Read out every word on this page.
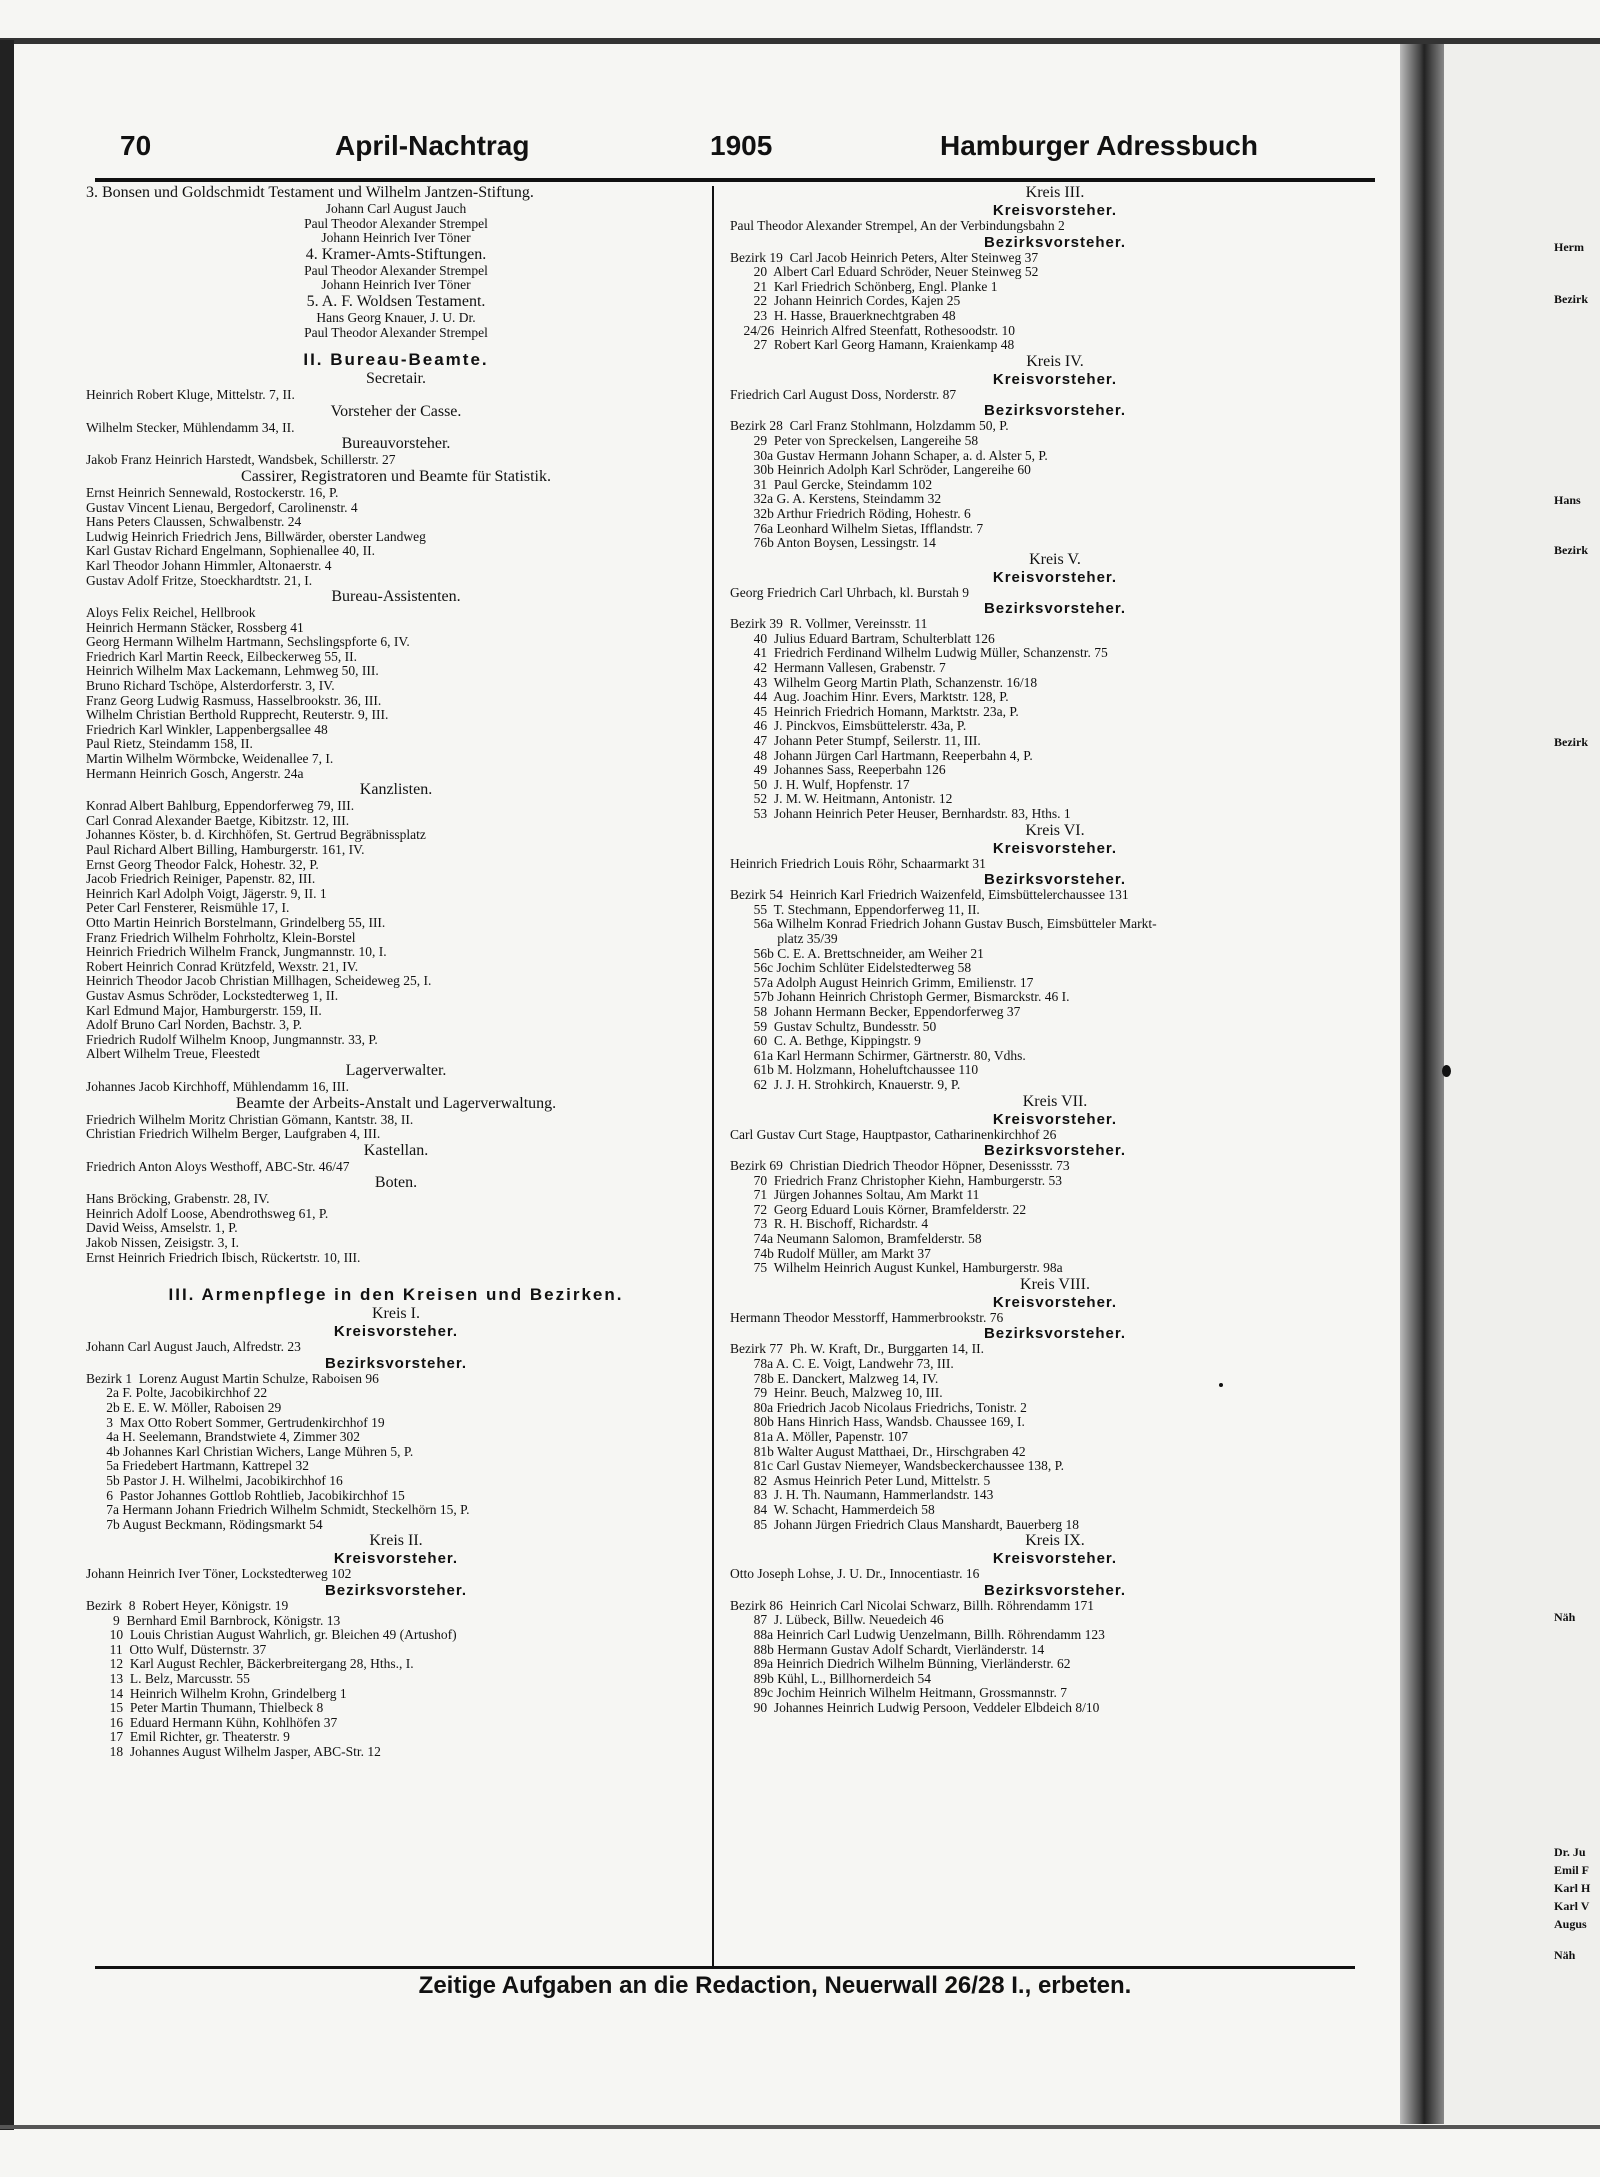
70	April-Nachtrag	1905	Hamburger Adressbuch
3. Bonsen und Goldschmidt Testament und Wilhelm Jantzen-Stiftung.
Johann Carl August Jauch
Paul Theodor Alexander Strempel
Johann Heinrich Iver Töner
4. Kramer-Amts-Stiftungen.
Paul Theodor Alexander Strempel
Johann Heinrich Iver Töner
5. A. F. Woldsen Testament.
Hans Georg Knauer, J. U. Dr.
Paul Theodor Alexander Strempel
II. Bureau-Beamte.
Secretair.
Heinrich Robert Kluge, Mittelstr. 7, II.
Vorsteher der Casse.
Wilhelm Stecker, Mühlendamm 34, II.
Bureauvorsteher.
Jakob Franz Heinrich Harstedt, Wandsbek, Schillerstr. 27
Cassirer, Registratoren und Beamte für Statistik.
Ernst Heinrich Sennewald, Rostockerstr. 16, P.
Gustav Vincent Lienau, Bergedorf, Carolinenstr. 4
Hans Peters Claussen, Schwalbenstr. 24
Ludwig Heinrich Friedrich Jens, Billwärder, oberster Landweg
Karl Gustav Richard Engelmann, Sophienallee 40, II.
Karl Theodor Johann Himmler, Altonaerstr. 4
Gustav Adolf Fritze, Stoeckhardtstr. 21, I.
Bureau-Assistenten.
Aloys Felix Reichel, Hellbrook
Heinrich Hermann Stäcker, Rossberg 41
Georg Hermann Wilhelm Hartmann, Sechslingspforte 6, IV.
Friedrich Karl Martin Reeck, Eilbeckerweg 55, II.
Heinrich Wilhelm Max Lackemann, Lehmweg 50, III.
Bruno Richard Tschöpe, Alsterdorferstr. 3, IV.
Franz Georg Ludwig Rasmuss, Hasselbrookstr. 36, III.
Wilhelm Christian Berthold Rupprecht, Reuterstr. 9, III.
Friedrich Karl Winkler, Lappenbergsallee 48
Paul Rietz, Steindamm 158, II.
Martin Wilhelm Wörmbcke, Weidenallee 7, I.
Hermann Heinrich Gosch, Angerstr. 24a
Kanzlisten.
Konrad Albert Bahlburg, Eppendorferweg 79, III.
Carl Conrad Alexander Baetge, Kibitzstr. 12, III.
Johannes Köster, b. d. Kirchhöfen, St. Gertrud Begräbnissplatz
Paul Richard Albert Billing, Hamburgerstr. 161, IV.
Ernst Georg Theodor Falck, Hohestr. 32, P.
Jacob Friedrich Reiniger, Papenstr. 82, III.
Heinrich Karl Adolph Voigt, Jägerstr. 9, II. 1
Peter Carl Fensterer, Reismühle 17, I.
Otto Martin Heinrich Borstelmann, Grindelberg 55, III.
Franz Friedrich Wilhelm Fohrholtz, Klein-Borstel
Heinrich Friedrich Wilhelm Franck, Jungmannstr. 10, I.
Robert Heinrich Conrad Krützfeld, Wexstr. 21, IV.
Heinrich Theodor Jacob Christian Millhagen, Scheideweg 25, I.
Gustav Asmus Schröder, Lockstedterweg 1, II.
Karl Edmund Major, Hamburgerstr. 159, II.
Adolf Bruno Carl Norden, Bachstr. 3, P.
Friedrich Rudolf Wilhelm Knoop, Jungmannstr. 33, P.
Albert Wilhelm Treue, Fleestedt
Lagerverwalter.
Johannes Jacob Kirchhoff, Mühlendamm 16, III.
Beamte der Arbeits-Anstalt und Lagerverwaltung.
Friedrich Wilhelm Moritz Christian Gömann, Kantstr. 38, II.
Christian Friedrich Wilhelm Berger, Laufgraben 4, III.
Kastellan.
Friedrich Anton Aloys Westhoff, ABC-Str. 46/47
Boten.
Hans Bröcking, Grabenstr. 28, IV.
Heinrich Adolf Loose, Abendrothsweg 61, P.
David Weiss, Amselstr. 1, P.
Jakob Nissen, Zeisigstr. 3, I.
Ernst Heinrich Friedrich Ibisch, Rückertstr. 10, III.
III. Armenpflege in den Kreisen und Bezirken.
Kreis I.
Kreisvorsteher.
Johann Carl August Jauch, Alfredstr. 23
Bezirksvorsteher.
Bezirk 1  Lorenz August Martin Schulze, Raboisen 96
2a F. Polte, Jacobikirchhof 22
2b E. E. W. Möller, Raboisen 29
3  Max Otto Robert Sommer, Gertrudenkirchhof 19
4a H. Seelemann, Brandstwiete 4, Zimmer 302
4b Johannes Karl Christian Wichers, Lange Mühren 5, P.
5a Friedebert Hartmann, Kattrepel 32
5b Pastor J. H. Wilhelmi, Jacobikirchhof 16
6  Pastor Johannes Gottlob Rohtlieb, Jacobikirchhof 15
7a Hermann Johann Friedrich Wilhelm Schmidt, Steckelhörn 15, P.
7b August Beckmann, Rödingsmarkt 54
Kreis II.
Kreisvorsteher.
Johann Heinrich Iver Töner, Lockstedterweg 102
Bezirksvorsteher.
Bezirk  8  Robert Heyer, Königstr. 19
9  Bernhard Emil Barnbrock, Königstr. 13
10  Louis Christian August Wahrlich, gr. Bleichen 49 (Artushof)
11  Otto Wulf, Düsternstr. 37
12  Karl August Rechler, Bäckerbreitergang 28, Hths., I.
13  L. Belz, Marcusstr. 55
14  Heinrich Wilhelm Krohn, Grindelberg 1
15  Peter Martin Thumann, Thielbeck 8
16  Eduard Hermann Kühn, Kohlhöfen 37
17  Emil Richter, gr. Theaterstr. 9
18  Johannes August Wilhelm Jasper, ABC-Str. 12
Kreis III.
Kreisvorsteher.
Paul Theodor Alexander Strempel, An der Verbindungsbahn 2
Bezirksvorsteher.
Bezirk 19  Carl Jacob Heinrich Peters, Alter Steinweg 37
20  Albert Carl Eduard Schröder, Neuer Steinweg 52
21  Karl Friedrich Schönberg, Engl. Planke 1
22  Johann Heinrich Cordes, Kajen 25
23  H. Hasse, Brauerknechtgraben 48
24/26  Heinrich Alfred Steenfatt, Rothesoodstr. 10
27  Robert Karl Georg Hamann, Kraienkamp 48
Kreis IV.
Kreisvorsteher.
Friedrich Carl August Doss, Norderstr. 87
Bezirksvorsteher.
Bezirk 28  Carl Franz Stohlmann, Holzdamm 50, P.
29  Peter von Spreckelsen, Langereihe 58
30a Gustav Hermann Johann Schaper, a. d. Alster 5, P.
30b Heinrich Adolph Karl Schröder, Langereihe 60
31  Paul Gercke, Steindamm 102
32a G. A. Kerstens, Steindamm 32
32b Arthur Friedrich Röding, Hohestr. 6
76a Leonhard Wilhelm Sietas, Ifflandstr. 7
76b Anton Boysen, Lessingstr. 14
Kreis V.
Kreisvorsteher.
Georg Friedrich Carl Uhrbach, kl. Burstah 9
Bezirksvorsteher.
Bezirk 39  R. Vollmer, Vereinsstr. 11
40  Julius Eduard Bartram, Schulterblatt 126
41  Friedrich Ferdinand Wilhelm Ludwig Müller, Schanzenstr. 75
42  Hermann Vallesen, Grabenstr. 7
43  Wilhelm Georg Martin Plath, Schanzenstr. 16/18
44  Aug. Joachim Hinr. Evers, Marktstr. 128, P.
45  Heinrich Friedrich Homann, Marktstr. 23a, P.
46  J. Pinckvos, Eimsbüttelerstr. 43a, P.
47  Johann Peter Stumpf, Seilerstr. 11, III.
48  Johann Jürgen Carl Hartmann, Reeperbahn 4, P.
49  Johannes Sass, Reeperbahn 126
50  J. H. Wulf, Hopfenstr. 17
52  J. M. W. Heitmann, Antonistr. 12
53  Johann Heinrich Peter Heuser, Bernhardstr. 83, Hths. 1
Kreis VI.
Kreisvorsteher.
Heinrich Friedrich Louis Röhr, Schaarmarkt 31
Bezirksvorsteher.
Bezirk 54  Heinrich Karl Friedrich Waizenfeld, Eimsbüttelerchaussee 131
55  T. Stechmann, Eppendorferweg 11, II.
56a Wilhelm Konrad Friedrich Johann Gustav Busch, Eimsbütteler Markt-
platz 35/39
56b C. E. A. Brettschneider, am Weiher 21
56c Jochim Schlüter Eidelstedterweg 58
57a Adolph August Heinrich Grimm, Emilienstr. 17
57b Johann Heinrich Christoph Germer, Bismarckstr. 46 I.
58  Johann Hermann Becker, Eppendorferweg 37
59  Gustav Schultz, Bundesstr. 50
60  C. A. Bethge, Kippingstr. 9
61a Karl Hermann Schirmer, Gärtnerstr. 80, Vdhs.
61b M. Holzmann, Hoheluftchaussee 110
62  J. J. H. Strohkirch, Knauerstr. 9, P.
Kreis VII.
Kreisvorsteher.
Carl Gustav Curt Stage, Hauptpastor, Catharinenkirchhof 26
Bezirksvorsteher.
Bezirk 69  Christian Diedrich Theodor Höpner, Desenissstr. 73
70  Friedrich Franz Christopher Kiehn, Hamburgerstr. 53
71  Jürgen Johannes Soltau, Am Markt 11
72  Georg Eduard Louis Körner, Bramfelderstr. 22
73  R. H. Bischoff, Richardstr. 4
74a Neumann Salomon, Bramfelderstr. 58
74b Rudolf Müller, am Markt 37
75  Wilhelm Heinrich August Kunkel, Hamburgerstr. 98a
Kreis VIII.
Kreisvorsteher.
Hermann Theodor Messtorff, Hammerbrookstr. 76
Bezirksvorsteher.
Bezirk 77  Ph. W. Kraft, Dr., Burggarten 14, II.
78a A. C. E. Voigt, Landwehr 73, III.
78b E. Danckert, Malzweg 14, IV.
79  Heinr. Beuch, Malzweg 10, III.
80a Friedrich Jacob Nicolaus Friedrichs, Tonistr. 2
80b Hans Hinrich Hass, Wandsb. Chaussee 169, I.
81a A. Möller, Papenstr. 107
81b Walter August Matthaei, Dr., Hirschgraben 42
81c Carl Gustav Niemeyer, Wandsbeckerchaussee 138, P.
82  Asmus Heinrich Peter Lund, Mittelstr. 5
83  J. H. Th. Naumann, Hammerlandstr. 143
84  W. Schacht, Hammerdeich 58
85  Johann Jürgen Friedrich Claus Manshardt, Bauerberg 18
Kreis IX.
Kreisvorsteher.
Otto Joseph Lohse, J. U. Dr., Innocentiastr. 16
Bezirksvorsteher.
Bezirk 86  Heinrich Carl Nicolai Schwarz, Billh. Röhrendamm 171
87  J. Lübeck, Billw. Neuedeich 46
88a Heinrich Carl Ludwig Uenzelmann, Billh. Röhrendamm 123
88b Hermann Gustav Adolf Schardt, Vierländerstr. 14
89a Heinrich Diedrich Wilhelm Bünning, Vierländerstr. 62
89b Kühl, L., Billhornerdeich 54
89c Jochim Heinrich Wilhelm Heitmann, Grossmannstr. 7
90  Johannes Heinrich Ludwig Persoon, Veddeler Elbdeich 8/10
Zeitige Aufgaben an die Redaction, Neuerwall 26/28 I., erbeten.
Herm
Bezirk
Hans
Bezirk
Bezirk
Näh
Dr. Ju
Emil F
Karl H
Karl V
Augus
Näh
